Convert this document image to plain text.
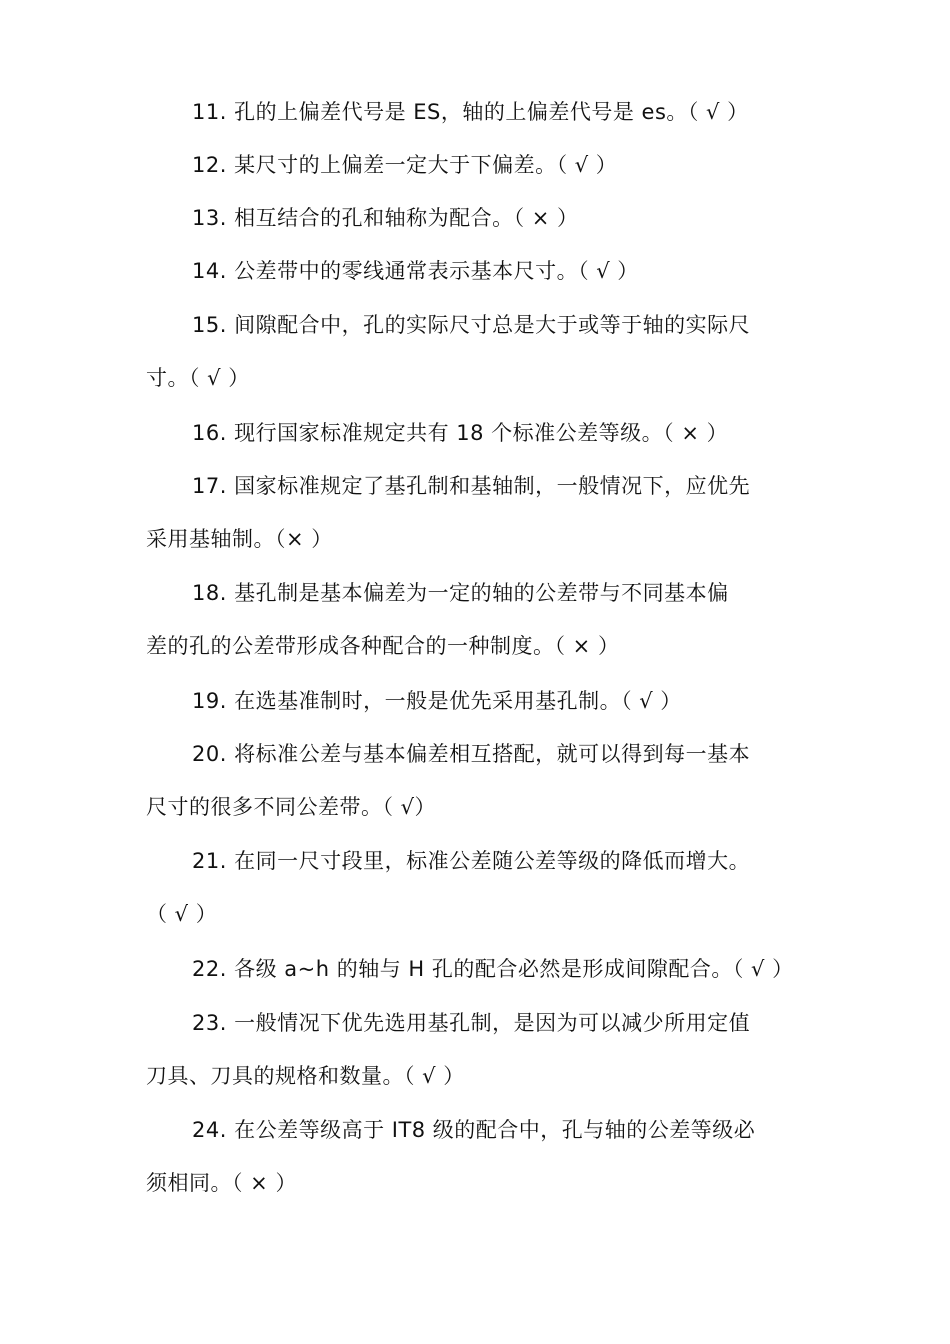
11. 孔的上偏差代号是 ES，轴的上偏差代号是 es。（ √ ）
12. 某尺寸的上偏差一定大于下偏差。（ √ ）
13. 相互结合的孔和轴称为配合。（ × ）
14. 公差带中的零线通常表示基本尺寸。（ √ ）
15. 间隙配合中，孔的实际尺寸总是大于或等于轴的实际尺
寸。（ √ ）
16. 现行国家标准规定共有 18 个标准公差等级。（ × ）
17. 国家标准规定了基孔制和基轴制，一般情况下，应优先
采用基轴制。（× ）
18. 基孔制是基本偏差为一定的轴的公差带与不同基本偏
差的孔的公差带形成各种配合的一种制度。（ × ）
19. 在选基准制时，一般是优先采用基孔制。（ √ ）
20. 将标准公差与基本偏差相互搭配，就可以得到每一基本
尺寸的很多不同公差带。（ √）
21. 在同一尺寸段里，标准公差随公差等级的降低而增大。
（ √ ）
22. 各级 a~h 的轴与 H 孔的配合必然是形成间隙配合。（ √ ）
23. 一般情况下优先选用基孔制，是因为可以减少所用定值
刀具、刀具的规格和数量。（ √ ）
24. 在公差等级高于 IT8 级的配合中，孔与轴的公差等级必
须相同。（ × ）
